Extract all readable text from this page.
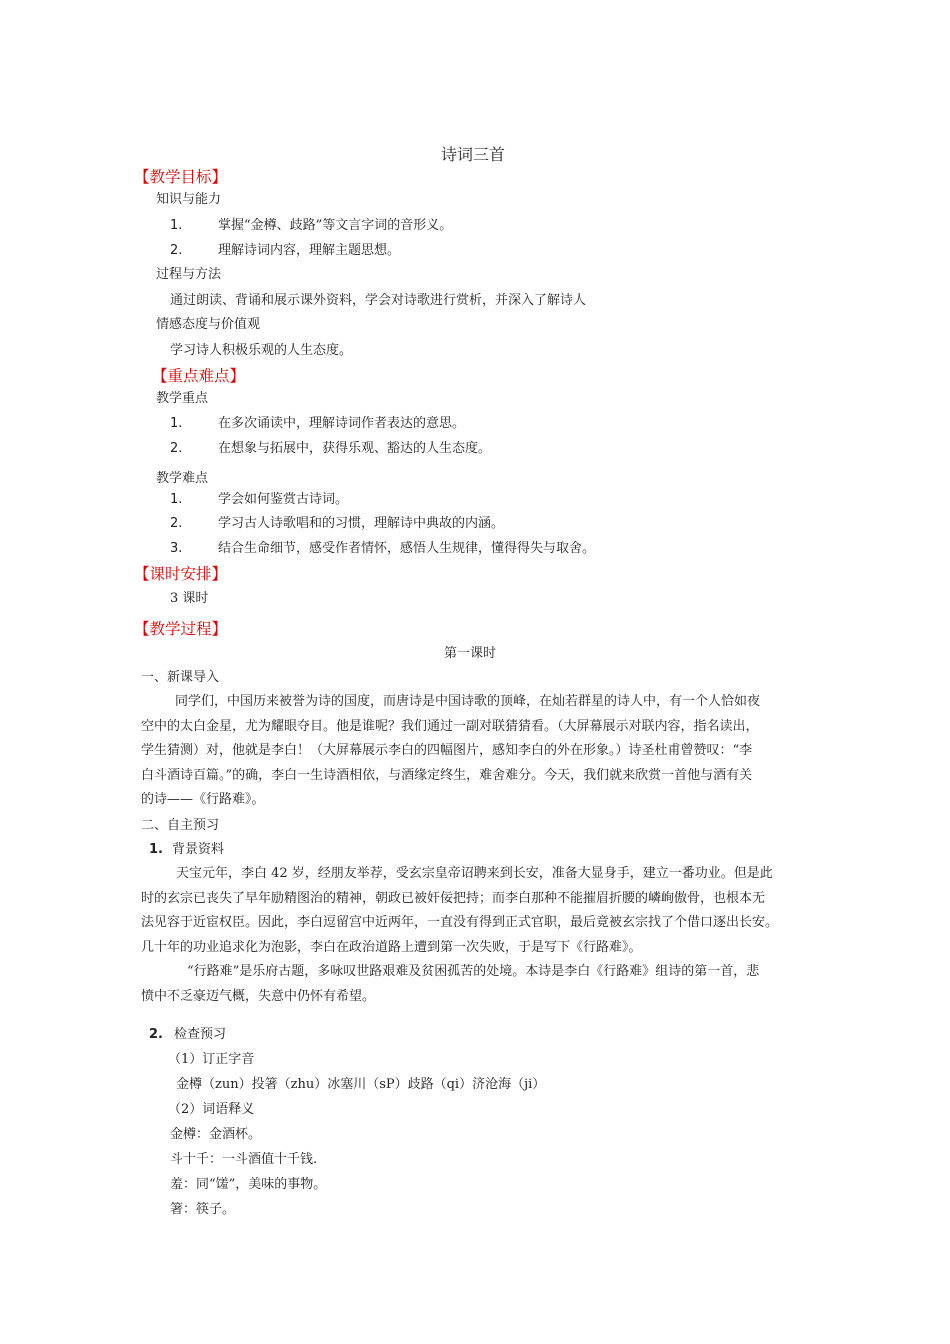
诗词三首
【教学目标】
知识与能力
1.	掌握“金樽、歧路”等文言字词的音形义。
2.	理解诗词内容，理解主题思想。
过程与方法
通过朗读、背诵和展示课外资料，学会对诗歌进行赏析，并深入了解诗人
情感态度与价值观
学习诗人积极乐观的人生态度。
【重点难点】
教学重点
1.	在多次诵读中，理解诗词作者表达的意思。
2.	在想象与拓展中，获得乐观、豁达的人生态度。
教学难点
1.	学会如何鉴赏古诗词。
2.	学习古人诗歌唱和的习惯，理解诗中典故的内涵。
3.	结合生命细节，感受作者情怀，感悟人生规律，懂得得失与取舍。
【课时安排】
3 课时
【教学过程】
第一课时
一、新课导入
同学们，中国历来被誉为诗的国度，而唐诗是中国诗歌的顶峰，在灿若群星的诗人中，有一个人恰如夜
空中的太白金星，尤为耀眼夺目。他是谁呢？我们通过一副对联猜猜看。（大屏幕展示对联内容，指名读出，
学生猜测）对，他就是李白！（大屏幕展示李白的四幅图片，感知李白的外在形象。）诗圣杜甫曾赞叹：“李
白斗酒诗百篇。”的确，李白一生诗酒相依，与酒缘定终生，难舍难分。今天，我们就来欣赏一首他与酒有关
的诗——《行路难》。
二、自主预习
1. 背景资料
天宝元年，李白 42 岁，经朋友举荐，受玄宗皇帝诏聘来到长安，准备大显身手，建立一番功业。但是此
时的玄宗已丧失了早年励精图治的精神，朝政已被奸佞把持；而李白那种不能摧眉折腰的嶙峋傲骨，也根本无
法见容于近宦权臣。因此，李白逗留宫中近两年，一直没有得到正式官职，最后竟被玄宗找了个借口逐出长安。
几十年的功业追求化为泡影，李白在政治道路上遭到第一次失败，于是写下《行路难》。
“行路难”是乐府古题，多咏叹世路艰难及贫困孤苦的处境。本诗是李白《行路难》组诗的第一首，悲
愤中不乏豪迈气概，失意中仍怀有希望。
2. 检查预习
（1）订正字音
金樽（zun）投箸（zhu）冰塞川（sP）歧路（qi）济沧海（ji）
（2）词语释义
金樽：金酒杯。
斗十千：一斗酒值十千钱.
羞：同“馐”，美味的事物。
箸：筷子。
